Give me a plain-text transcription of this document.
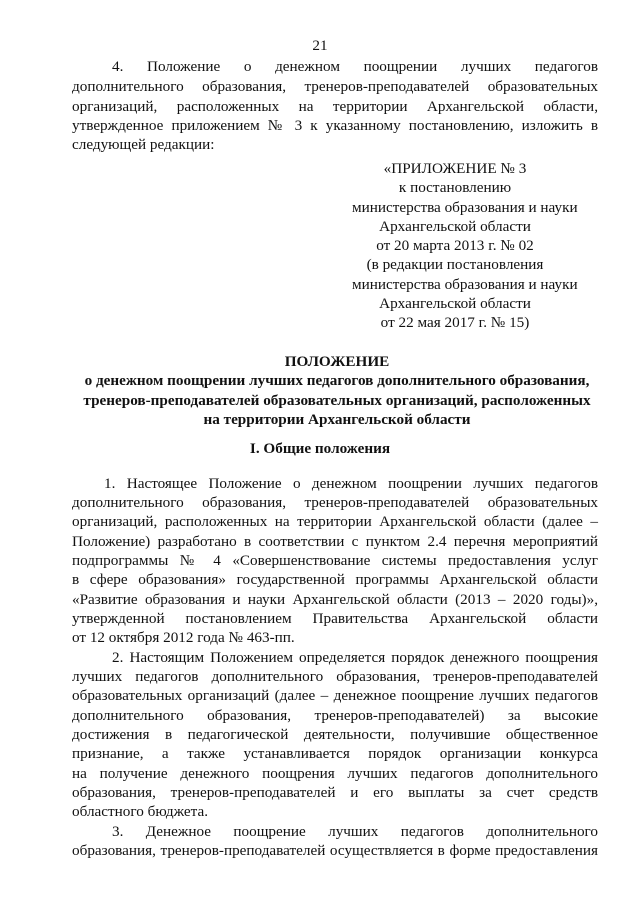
21
4. Положение о денежном поощрении лучших педагогов
дополнительного образования, тренеров-преподавателей образовательных
организаций, расположенных на территории Архангельской области,
утвержденное приложением № 3 к указанному постановлению, изложить в
следующей редакции:
«ПРИЛОЖЕНИЕ № 3
к постановлению
министерства образования и науки
Архангельской области
от 20 марта 2013 г. № 02
(в редакции постановления
министерства образования и науки
Архангельской области
от 22 мая 2017 г. № 15)
ПОЛОЖЕНИЕ
о денежном поощрении лучших педагогов дополнительного образования,
тренеров-преподавателей образовательных организаций, расположенных
на территории Архангельской области
I. Общие положения
1. Настоящее Положение о денежном поощрении лучших педагогов
дополнительного образования, тренеров-преподавателей образовательных
организаций, расположенных на территории Архангельской области (далее –
Положение) разработано в соответствии с пунктом 2.4 перечня мероприятий
подпрограммы № 4 «Совершенствование системы предоставления услуг
в сфере образования» государственной программы Архангельской области
«Развитие образования и науки Архангельской области (2013 – 2020 годы)»,
утвержденной постановлением Правительства Архангельской области
от 12 октября 2012 года № 463-пп.
2. Настоящим Положением определяется порядок денежного поощрения
лучших педагогов дополнительного образования, тренеров-преподавателей
образовательных организаций (далее – денежное поощрение лучших педагогов
дополнительного образования, тренеров-преподавателей) за высокие
достижения в педагогической деятельности, получившие общественное
признание, а также устанавливается порядок организации конкурса
на получение денежного поощрения лучших педагогов дополнительного
образования, тренеров-преподавателей и его выплаты за счет средств
областного бюджета.
3. Денежное поощрение лучших педагогов дополнительного
образования, тренеров-преподавателей осуществляется в форме предоставления
